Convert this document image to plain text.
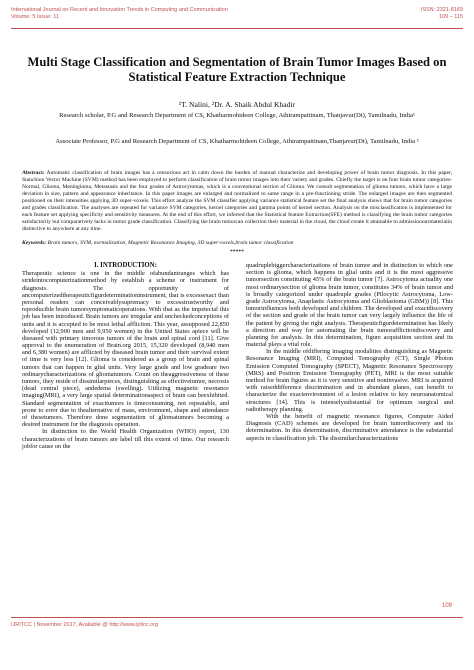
International Journal on Recent and Innovation Trends in Computing and Communication
Volume: 5 Issue: 11
ISSN: 2321-8169
109 – 115
Multi Stage Classification and Segmentation of Brain Tumor Images Based on Statistical Feature Extraction Technique
¹T. Nalini, ²Dr. A. Shaik Abdul Khadir
Research scholar, P.G and Research Department of CS, Khatharmohideen College, Athirampattinam, Thanjavur(Dt), Tamilnadu, India¹
Associate Professor, P.G and Research Department of CS, Khatharmohideen College, Athirampattinam,Thanjavur(Dt), Tamilnadu, India ²
Abstract: Automatic classification of brain images has a censorious act in calm down the burden of manual characterize and developing power of brain tumor diagnosis. In this paper, Stanchion Vector Machine (SVM) method has been employed to perform classification of brain tumor images into their variety and grades. Chiefly the target is on four brain tumor categories-Normal, Glioma, Meningioma, Metastasis and the four grades of Astrocytomas, which is a conventional section of Glioma. We consult segmentation of glioma tumors, which have a large deviation in size, pattern and appearance inheritance. In this paper images are enlarged and normalized to same range in a pre-functioning stride. The enlarged images are then segmented positioned on their intensities applying 3D super-voxels. This effort analyze the SVM classifier applying variance statistical feature set the final analysis shows that for brain tumor categories and grades classification. The analyses are repeated for variance SVM categories, kernel categories and gamma points of kernel section. Analysis on the misclassification is implemented for each feature set applying specificity and sensitivity measures. At the end of this effort, we inferred that the Statistical feature Extraction(SFE) method is classifying the brain tumor categories satisfactorily but comparatively lacks in tumor grade classification. Classifying the brain tumorcan collection their material in the cloud, the cloud create it attainable to admissionourmaterialin distinctive to anywhere at any time.
Keywords: Brain tumors, SVM, normalization, Magnetic Resonance Imaging, 3D super-voxels,brain tumor classification
*****
I. INTRODUCTION:

Therapeutic science is one in the middle ofabundantranges which has strideintocomputerizationmethod by establish a scheme or instrument for diagnosis. The opportunity of ancomputerizedtherapeuticfigurdeterminationinstrument, that is excessexact than personal readers can conceivablysupremacy to excesstrustworthy and reproducible brain tumorsymptomaticoperations. With that as the impetecial this job has been introduced. Brain tumors are irregular and uncheckedconceptions of units and it is accepted to be most lethal affliction. This year, assupposed 22,850 developed (12,900 men and 9,950 women) in the United States apiece will be diseased with primary timorous tumors of the brain and spinal cord [11]. Give approval to the enumeration of Brain.org 2015, 15,320 developed (8,940 men and 6,380 women) are afflicted by diseased brain tumor and their survival extent of time is very less [12]. Glioma is considered as a group of brain and spinal tumors that can happen in glial units. Very large grade and low gradeare two ordinarycharacterizations of gliomatumors. Count on theaggressiveness of these tumors, they reside of dissimilarpieces, distinguishing as effectivetumor, necrosis (dead central piece), andedema (swelling). Utilizing magnetic resonance imaging(MRI), a very large spatial determinationaspect of brain can beexhibited. Standard segmentation of exacttumors is timeconsuming, not repeatable, and prone to error due to thealternative of mass, environment, shape and attendance of thesetumors. Therefore done segmentation of gliomatumors becoming a desired instrument for the diagnosis operation.

In distinction to the World Health Organization (WHO) report, 130 characterizations of brain tumors are label till this extent of time. Our research jobfor cause on the

quadruplebiggercharacterizations of brain tumor and in distinction to which one section is glioma, which happens in glial units and it is the most aggressive tumorsection constituting 45% of the brain tumor [7]. Astrocytoma actuality one most ordinarysection of glioma brain tumor, constitutes 34% of brain tumor and is broadly categorized under quadruple grades (Pilocytic Astrocytoma, Low-grade Astrocytoma, Anaplastic Astrocytoma and Glioblastoma (GBM)) [8]. This tumorinfluences both developed and children. The developed and exactdiscovery of the section and grade of the brain tumor can very largely influence the life of the patient by giving the right analysis. Therapeuticfigurdetermination has likely a direction and way for automating the brain tumorafflictiondiscovery and planning for analysis. In this determination, figure acquisition section and its material plays a vital role.

In the middle ofdiffering imaging modalities distinguishing as Magnetic Resonance Imaging (MRI), Computed Tomography (CT), Single Photon Emission Computed Tomography (SPECT), Magnetic Resonance Spectroscopy (MRS) and Positron Emission Tomography (PET), MRI is the most suitable method for brain figures as it is very sensitive and noninvasive. MRI is acquired with raiseddifference discrimination and in abundant planes, can benefit to characterize the exactenvironment of a lesion relative to key neuroanatomical structures [14]. This is intenselysubstantial for optimum surgical and radiotherapy planning.

With the benefit of magnetic resonance figures, Computer Aided Diagnosis (CAD) schemes are developed for brain tumordiscovery and its determination. In this determination, discriminative attendance is the substantial aspects in classification job. The dissimilarcharacterizations

109
IJRITCC | November 2017, Available @ http://www.ijritcc.org
